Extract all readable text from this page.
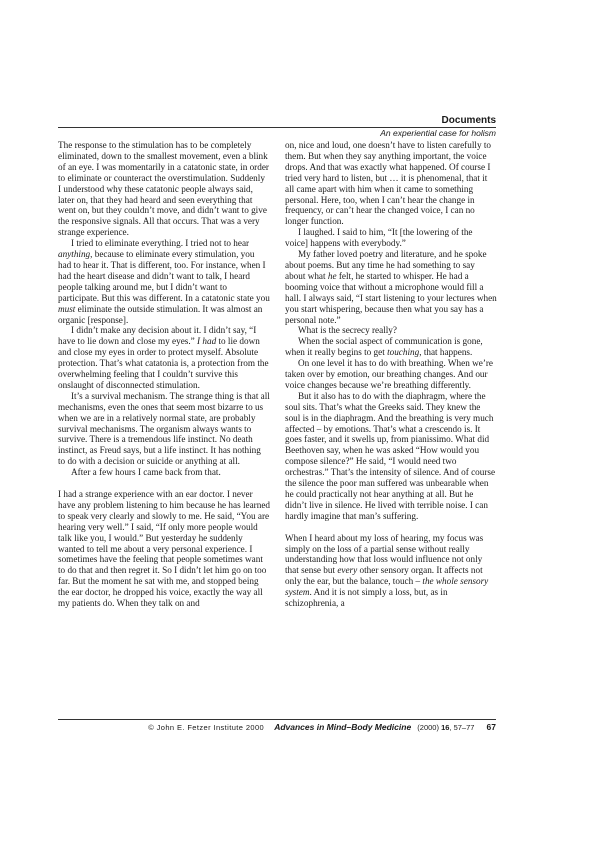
Documents
An experiential case for holism

The response to the stimulation has to be completely eliminated, down to the smallest movement, even a blink of an eye. I was momentarily in a catatonic state, in order to eliminate or counteract the overstimulation. Suddenly I understood why these catatonic people always said, later on, that they had heard and seen everything that went on, but they couldn’t move, and didn’t want to give the responsive signals. All that occurs. That was a very strange experience.

I tried to eliminate everything. I tried not to hear anything, because to eliminate every stimulation, you had to hear it. That is different, too. For instance, when I had the heart disease and didn’t want to talk, I heard people talking around me, but I didn’t want to participate. But this was different. In a catatonic state you must eliminate the outside stimulation. It was almost an organic [response].

I didn’t make any decision about it. I didn’t say, “I have to lie down and close my eyes.” I had to lie down and close my eyes in order to protect myself. Absolute protection. That’s what catatonia is, a protection from the overwhelming feeling that I couldn’t survive this onslaught of disconnected stimulation.

It’s a survival mechanism. The strange thing is that all mechanisms, even the ones that seem most bizarre to us when we are in a relatively normal state, are probably survival mechanisms. The organism always wants to survive. There is a tremendous life instinct. No death instinct, as Freud says, but a life instinct. It has nothing to do with a decision or suicide or anything at all.

After a few hours I came back from that.

I had a strange experience with an ear doctor. I never have any problem listening to him because he has learned to speak very clearly and slowly to me. He said, “You are hearing very well.” I said, “If only more people would talk like you, I would.” But yesterday he suddenly wanted to tell me about a very personal experience. I sometimes have the feeling that people sometimes want to do that and then regret it. So I didn’t let him go on too far. But the moment he sat with me, and stopped being the ear doctor, he dropped his voice, exactly the way all my patients do. When they talk on and

on, nice and loud, one doesn’t have to listen carefully to them. But when they say anything important, the voice drops. And that was exactly what happened. Of course I tried very hard to listen, but … it is phenomenal, that it all came apart with him when it came to something personal. Here, too, when I can’t hear the change in frequency, or can’t hear the changed voice, I can no longer function.

I laughed. I said to him, “It [the lowering of the voice] happens with everybody.”

My father loved poetry and literature, and he spoke about poems. But any time he had something to say about what he felt, he started to whisper. He had a booming voice that without a microphone would fill a hall. I always said, “I start listening to your lectures when you start whispering, because then what you say has a personal note.”

What is the secrecy really?

When the social aspect of communication is gone, when it really begins to get touching, that happens.

On one level it has to do with breathing. When we’re taken over by emotion, our breathing changes. And our voice changes because we’re breathing differently.

But it also has to do with the diaphragm, where the soul sits. That’s what the Greeks said. They knew the soul is in the diaphragm. And the breathing is very much affected – by emotions. That’s what a crescendo is. It goes faster, and it swells up, from pianissimo. What did Beethoven say, when he was asked “How would you compose silence?” He said, “I would need two orchestras.” That’s the intensity of silence. And of course the silence the poor man suffered was unbearable when he could practically not hear anything at all. But he didn’t live in silence. He lived with terrible noise. I can hardly imagine that man’s suffering.

When I heard about my loss of hearing, my focus was simply on the loss of a partial sense without really understanding how that loss would influence not only that sense but every other sensory organ. It affects not only the ear, but the balance, touch – the whole sensory system. And it is not simply a loss, but, as in schizophrenia, a

© John E. Fetzer Institute 2000 Advances in Mind–Body Medicine (2000) 16, 57–77 67
